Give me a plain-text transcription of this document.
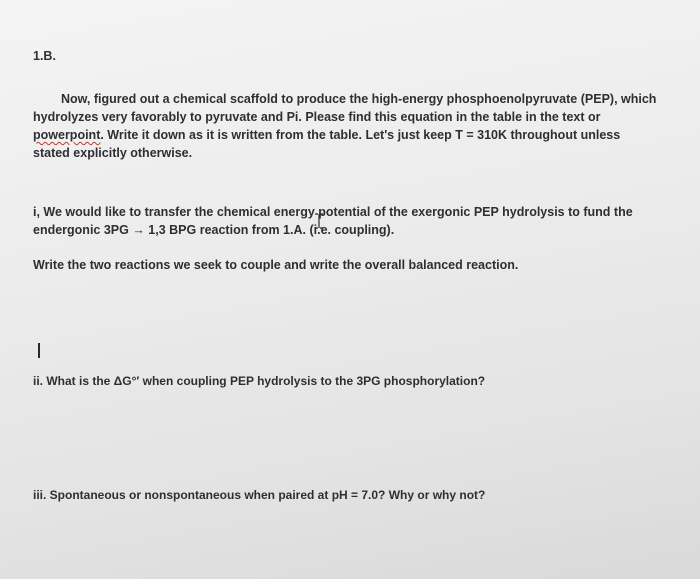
1.B.
Now, figured out a chemical scaffold to produce the high-energy phosphoenolpyruvate (PEP), which
hydrolyzes very favorably to pyruvate and Pi. Please find this equation in the table in the text or
powerpoint. Write it down as it is written from the table. Let's just keep T = 310K throughout unless
stated explicitly otherwise.
i, We would like to transfer the chemical energy potential of the exergonic PEP hydrolysis to fund the
endergonic 3PG → 1,3 BPG reaction from 1.A. (i.e. coupling).
Write the two reactions we seek to couple and write the overall balanced reaction.
ii. What is the ΔG°′ when coupling PEP hydrolysis to the 3PG phosphorylation?
iii. Spontaneous or nonspontaneous when paired at pH = 7.0? Why or why not?
